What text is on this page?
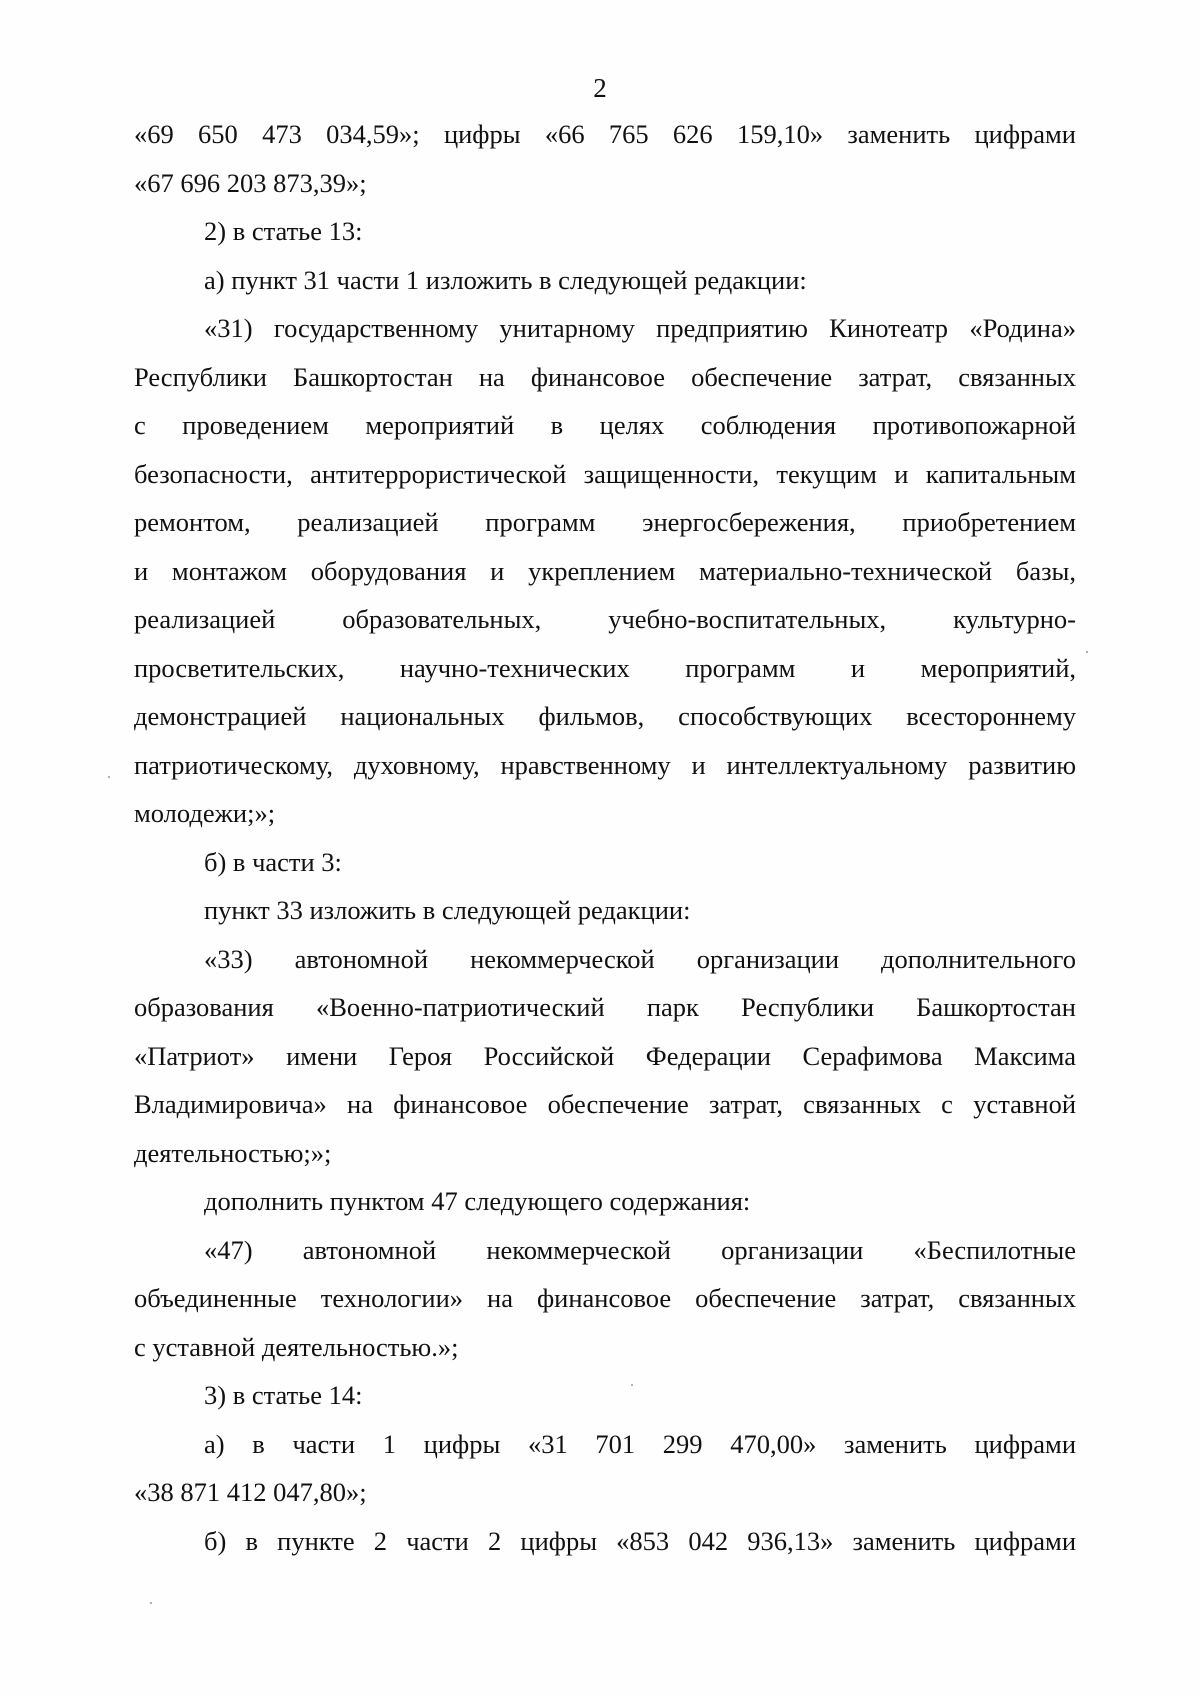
2
«69 650 473 034,59»; цифры «66 765 626 159,10» заменить цифрами
«67 696 203 873,39»;
2) в статье 13:
а) пункт 31 части 1 изложить в следующей редакции:
«31) государственному унитарному предприятию Кинотеатр «Родина»
Республики Башкортостан на финансовое обеспечение затрат, связанных
с проведением мероприятий в целях соблюдения противопожарной
безопасности, антитеррористической защищенности, текущим и капитальным
ремонтом, реализацией программ энергосбережения, приобретением
и монтажом оборудования и укреплением материально-технической базы,
реализацией образовательных, учебно-воспитательных, культурно-
просветительских, научно-технических программ и мероприятий,
демонстрацией национальных фильмов, способствующих всестороннему
патриотическому, духовному, нравственному и интеллектуальному развитию
молодежи;»;
б) в части 3:
пункт 33 изложить в следующей редакции:
«33) автономной некоммерческой организации дополнительного
образования «Военно-патриотический парк Республики Башкортостан
«Патриот» имени Героя Российской Федерации Серафимова Максима
Владимировича» на финансовое обеспечение затрат, связанных с уставной
деятельностью;»;
дополнить пунктом 47 следующего содержания:
«47) автономной некоммерческой организации «Беспилотные
объединенные технологии» на финансовое обеспечение затрат, связанных
с уставной деятельностью.»;
3) в статье 14:
а) в части 1 цифры «31 701 299 470,00» заменить цифрами
«38 871 412 047,80»;
б) в пункте 2 части 2 цифры «853 042 936,13» заменить цифрами
